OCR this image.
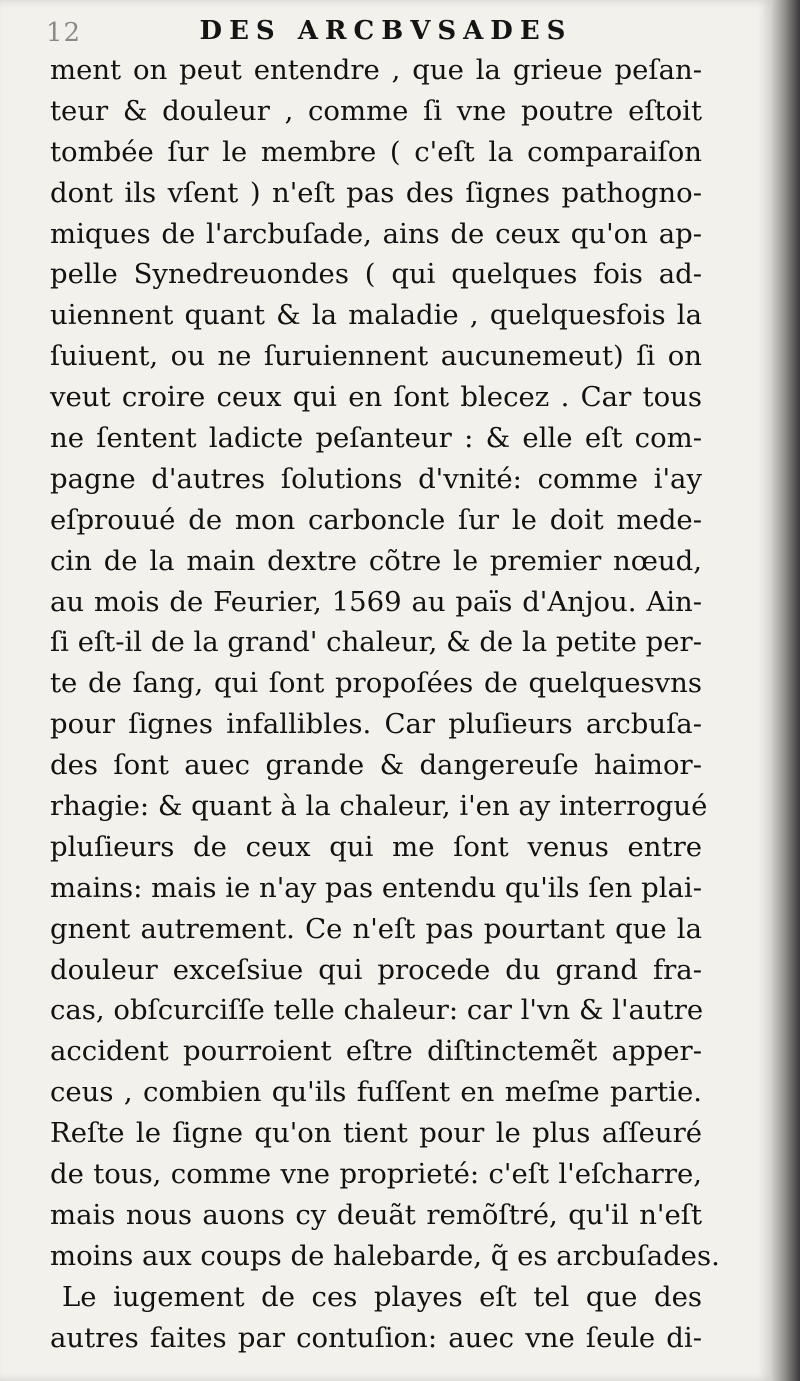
12	DES ARCBVSADES
ment on peut entendre , que la grieue peſan-
teur & douleur , comme ſi vne poutre eſtoit
tombée ſur le membre ( c'eſt la comparaiſon
dont ils vſent ) n'eſt pas des ſignes pathogno-
miques de l'arcbuſade, ains de ceux qu'on ap-
pelle Synedreuondes ( qui quelques fois ad-
uiennent quant & la maladie , quelquesfois la
ſuiuent, ou ne ſuruiennent aucunemeut) ſi on
veut croire ceux qui en ſont blecez . Car tous
ne ſentent ladicte peſanteur : & elle eſt com-
pagne d'autres ſolutions d'vnité: comme i'ay
eſprouué de mon carboncle ſur le doit mede-
cin de la main dextre cõtre le premier nœud,
au mois de Feurier, 1569 au païs d'Anjou. Ain-
ſi eſt-il de la grand' chaleur, & de la petite per-
te de ſang, qui ſont propoſées de quelquesvns
pour ſignes infallibles. Car pluſieurs arcbuſa-
des ſont auec grande & dangereuſe haimor-
rhagie: & quant à la chaleur, i'en ay interrogué
pluſieurs de ceux qui me ſont venus entre
mains: mais ie n'ay pas entendu qu'ils ſen plai-
gnent autrement. Ce n'eſt pas pourtant que la
douleur exceſsiue qui procede du grand fra-
cas, obſcurciſſe telle chaleur: car l'vn & l'autre
accident pourroient eſtre diſtinctemẽt apper-
ceus , combien qu'ils fuſſent en meſme partie.
Reſte le ſigne qu'on tient pour le plus aſſeuré
de tous, comme vne proprieté: c'eſt l'eſcharre,
mais nous auons cy deuãt remõſtré, qu'il n'eſt
moins aux coups de halebarde, q̃ es arcbuſades.
Le iugement de ces playes eſt tel que des
autres faites par contuſion: auec vne ſeule di-
